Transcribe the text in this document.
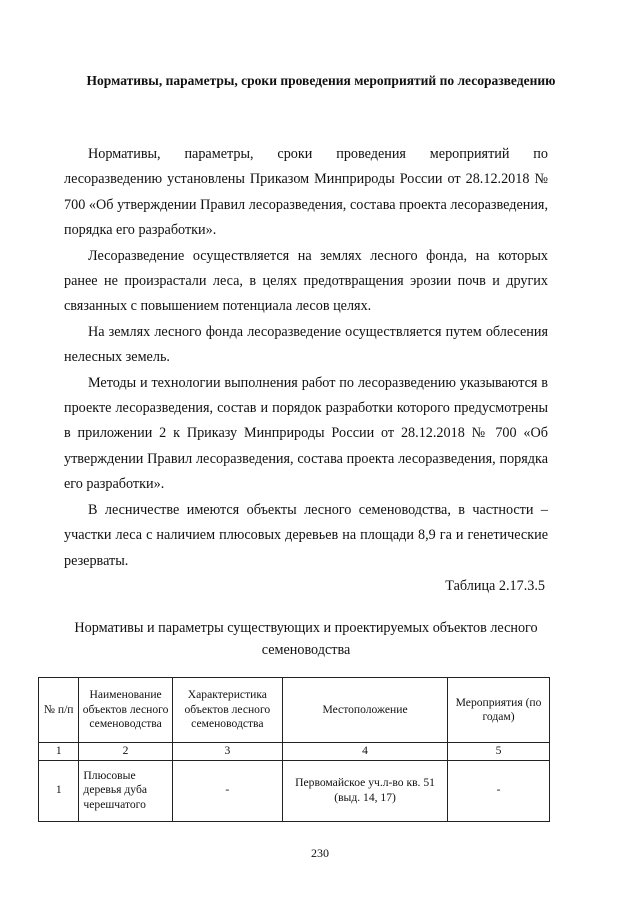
Нормативы, параметры, сроки проведения мероприятий по лесоразведению

Нормативы, параметры, сроки проведения мероприятий по лесоразведению установлены Приказом Минприроды России от 28.12.2018 № 700 «Об утверждении Правил лесоразведения, состава проекта лесоразведения, порядка его разработки».

Лесоразведение осуществляется на землях лесного фонда, на которых ранее не произрастали леса, в целях предотвращения эрозии почв и других связанных с повышением потенциала лесов целях.

На землях лесного фонда лесоразведение осуществляется путем облесения нелесных земель.

Методы и технологии выполнения работ по лесоразведению указываются в проекте лесоразведения, состав и порядок разработки которого предусмотрены в приложении 2 к Приказу Минприроды России от 28.12.2018 № 700 «Об утверждении Правил лесоразведения, состава проекта лесоразведения, порядка его разработки».

В лесничестве имеются объекты лесного семеноводства, в частности – участки леса с наличием плюсовых деревьев на площади 8,9 га и генетические резерваты.

Таблица 2.17.3.5
Нормативы и параметры существующих и проектируемых объектов лесного семеноводства
№ п/п	Наименование объектов лесного семеноводства	Характеристика объектов лесного семеноводства	Местоположение	Мероприятия (по годам)
1	2	3	4	5
1	Плюсовые деревья дуба черешчатого	-	Первомайское уч.л-во кв. 51 (выд. 14, 17)	-
230
